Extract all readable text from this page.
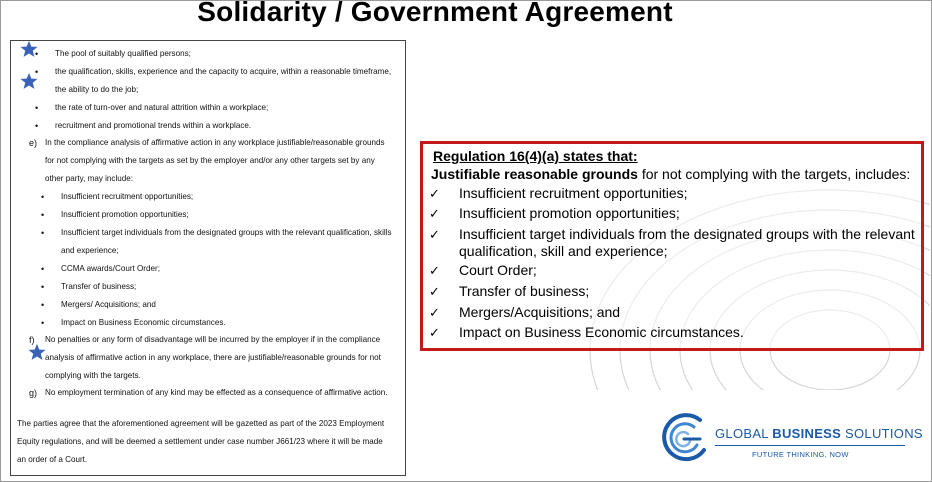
Solidarity / Government Agreement
• The pool of suitably qualified persons;
• the qualification, skills, experience and the capacity to acquire, within a reasonable timeframe,
the ability to do the job;
• the rate of turn-over and natural attrition within a workplace;
• recruitment and promotional trends within a workplace.
e) In the compliance analysis of affirmative action in any workplace justifiable/reasonable grounds
for not complying with the targets as set by the employer and/or any other targets set by any
other party, may include:
• Insufficient recruitment opportunities;
• Insufficient promotion opportunities;
• Insufficient target individuals from the designated groups with the relevant qualification, skills
and experience;
• CCMA awards/Court Order;
• Transfer of business;
• Mergers/ Acquisitions; and
• Impact on Business Economic circumstances.
f) No penalties or any form of disadvantage will be incurred by the employer if in the compliance
analysis of affirmative action in any workplace, there are justifiable/reasonable grounds for not
complying with the targets.
g) No employment termination of any kind may be effected as a consequence of affirmative action.
The parties agree that the aforementioned agreement will be gazetted as part of the 2023 Employment
Equity regulations, and will be deemed a settlement under case number J661/23 where it will be made
an order of a Court.
Regulation 16(4)(a) states that:
Justifiable reasonable grounds for not complying with the targets, includes:
✓ Insufficient recruitment opportunities;
✓ Insufficient promotion opportunities;
✓ Insufficient target individuals from the designated groups with the relevant qualification, skill and experience;
✓ Court Order;
✓ Transfer of business;
✓ Mergers/Acquisitions; and
✓ Impact on Business Economic circumstances.
GLOBAL BUSINESS SOLUTIONS
FUTURE THINKING, NOW
